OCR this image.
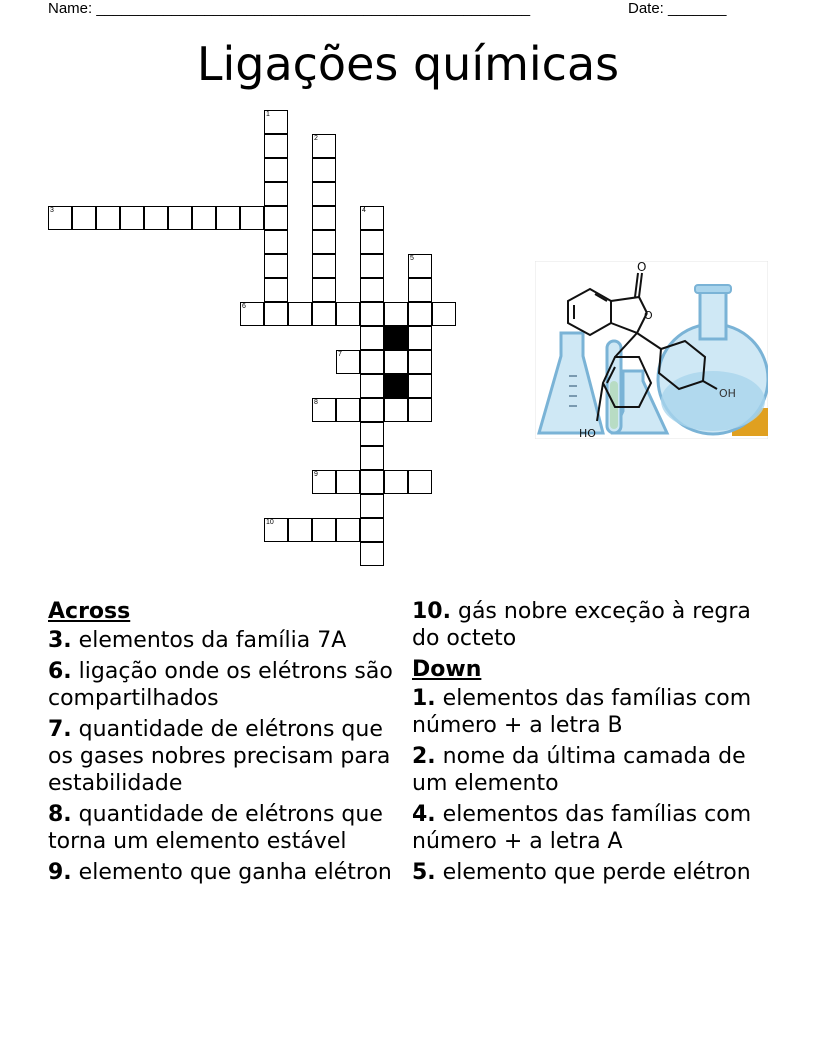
Name: ____________________________________________________	Date: _______
Ligações químicas
1
2
4
5
3
6
7
8
9
10
O
O
OH
HO
Across
3. elementos da família 7A
6. ligação onde os elétrons são compartilhados
7. quantidade de elétrons que os gases nobres precisam para estabilidade
8. quantidade de elétrons que torna um elemento estável
9. elemento que ganha elétron
10. gás nobre exceção à regra do octeto
Down
1. elementos das famílias com número + a letra B
2. nome da última camada de um elemento
4. elementos das famílias com número + a letra A
5. elemento que perde elétron
